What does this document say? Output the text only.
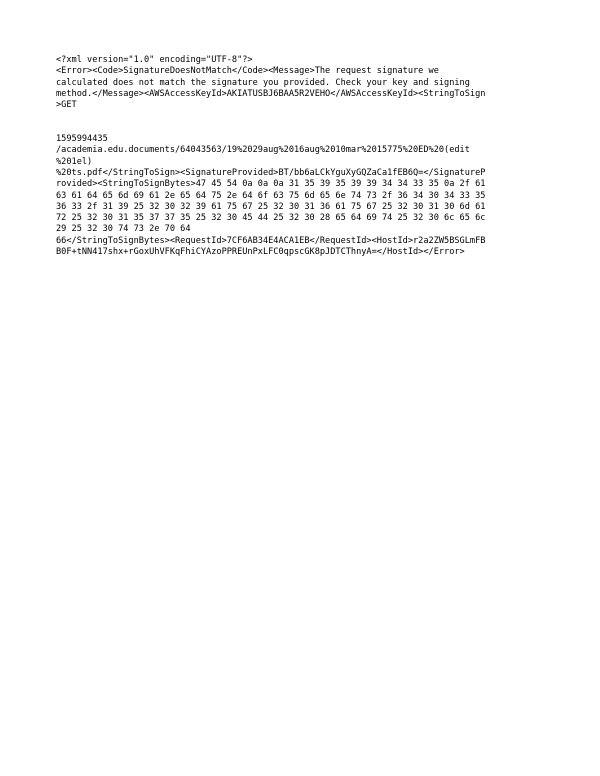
<?xml version="1.0" encoding="UTF-8"?>
<Error><Code>SignatureDoesNotMatch</Code><Message>The request signature we
calculated does not match the signature you provided. Check your key and signing
method.</Message><AWSAccessKeyId>AKIATUSBJ6BAA5R2VEHO</AWSAccessKeyId><StringToSign
>GET
1595994435
/academia.edu.documents/64043563/19%2029aug%2016aug%2010mar%2015775%20ED%20(edit
%201el)
%20ts.pdf</StringToSign><SignatureProvided>BT/bb6aLCkYguXyGQZaCa1fEB6Q=</SignatureP
rovided><StringToSignBytes>47 45 54 0a 0a 0a 31 35 39 35 39 39 34 34 33 35 0a 2f 61
63 61 64 65 6d 69 61 2e 65 64 75 2e 64 6f 63 75 6d 65 6e 74 73 2f 36 34 30 34 33 35
36 33 2f 31 39 25 32 30 32 39 61 75 67 25 32 30 31 36 61 75 67 25 32 30 31 30 6d 61
72 25 32 30 31 35 37 37 35 25 32 30 45 44 25 32 30 28 65 64 69 74 25 32 30 6c 65 6c
29 25 32 30 74 73 2e 70 64
66</StringToSignBytes><RequestId>7CF6AB34E4ACA1EB</RequestId><HostId>r2a2ZW5BSGLmFB
B0F+tNN417shx+rGoxUhVFKqFhiCYAzoPPREUnPxLFC0qpscGK8pJDTCThnyA=</HostId></Error>
